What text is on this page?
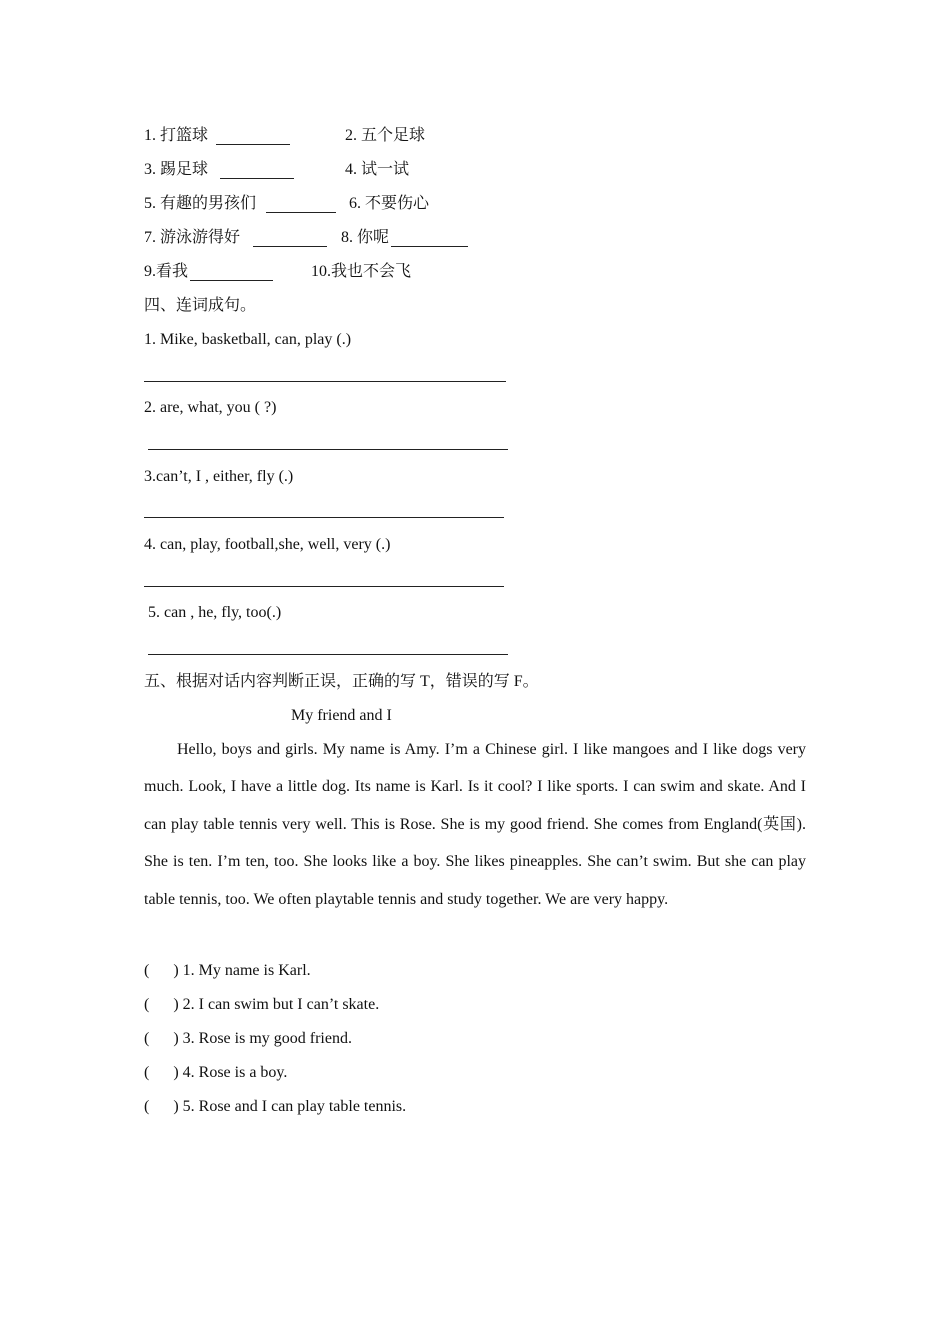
1. 打篮球	2. 五个足球
3. 踢足球	4. 试一试
5. 有趣的男孩们	6. 不要伤心
7. 游泳游得好	8. 你呢
9.看我	10.我也不会飞
四、连词成句。
1. Mike, basketball, can, play (.)
2. are, what, you ( ?)
3.can’t, I , either, fly (.)
4. can, play, football,she, well, very (.)
5. can , he, fly, too(.)
五、根据对话内容判断正误，正确的写 T，错误的写 F。
My friend and I
Hello, boys and girls. My name is Amy. I’m a Chinese girl. I like mangoes and I like dogs very much. Look, I have a little dog. Its name is Karl. Is it cool? I like sports. I can swim and skate. And I can play table tennis very well. This is Rose. She is my good friend. She comes from England(英国). She is ten. I’m ten, too. She looks like a boy. She likes pineapples. She can’t swim. But she can play table tennis, too. We often playtable tennis and study together. We are very happy.
(      ) 1. My name is Karl.
(      ) 2. I can swim but I can’t skate.
(      ) 3. Rose is my good friend.
(      ) 4. Rose is a boy.
(      ) 5. Rose and I can play table tennis.
